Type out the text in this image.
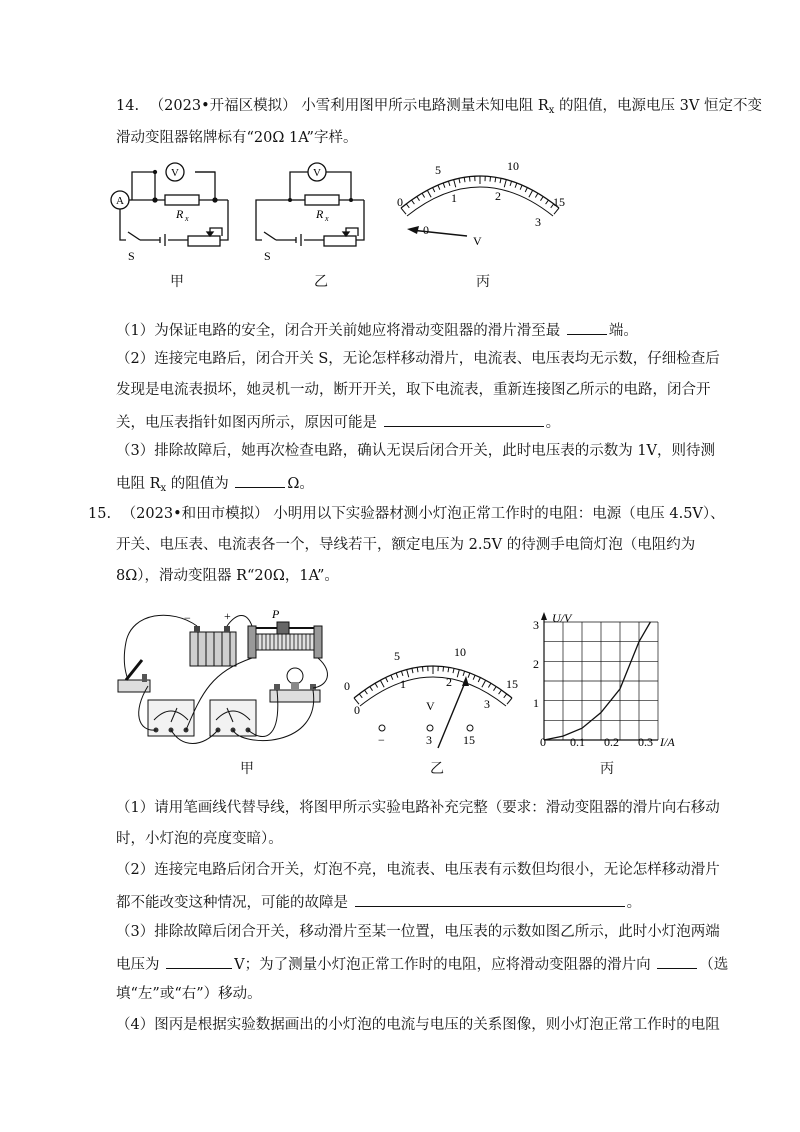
14. （2023•开福区模拟） 小雪利用图甲所示电路测量未知电阻 $R_x$ 的阻值，电源电压 3V 恒定不变
滑动变阻器铭牌标有“20Ω 1A”字样。
V
A
R x
S
V
R x
S
0
5	10
15
1	2
3
0
V
甲	乙	丙
（1）为保证电路的安全，闭合开关前她应将滑动变阻器的滑片滑至最	端。
（2）连接完电路后，闭合开关 S，无论怎样移动滑片，电流表、电压表均无示数，仔细检查后
发现是电流表损坏，她灵机一动，断开开关，取下电流表，重新连接图乙所示的电路，闭合开
关，电压表指针如图丙所示，原因可能是	。
（3）排除故障后，她再次检查电路，确认无误后闭合开关，此时电压表的示数为 1V，则待测
电阻 $R_x$ 的阻值为	Ω。
15. （2023•和田市模拟） 小明用以下实验器材测小灯泡正常工作时的电阻：电源（电压 4.5V）、
开关、电压表、电流表各一个，导线若干，额定电压为 2.5V 的待测手电筒灯泡（电阻约为
8Ω），滑动变阻器 R“20Ω，1A”。
−	+	P
0
5	10
15
0
1	2
3
V
−	3	15
U/V
I/A
1
2
3
0 0.1 0.2 0.3
甲	乙	丙
（1）请用笔画线代替导线，将图甲所示实验电路补充完整（要求：滑动变阻器的滑片向右移动
时，小灯泡的亮度变暗）。
（2）连接完电路后闭合开关，灯泡不亮，电流表、电压表有示数但均很小，无论怎样移动滑片
都不能改变这种情况，可能的故障是	。
（3）排除故障后闭合开关，移动滑片至某一位置，电压表的示数如图乙所示，此时小灯泡两端
电压为	V；为了测量小灯泡正常工作时的电阻，应将滑动变阻器的滑片向	（选
填“左”或“右”）移动。
（4）图丙是根据实验数据画出的小灯泡的电流与电压的关系图像，则小灯泡正常工作时的电阻
